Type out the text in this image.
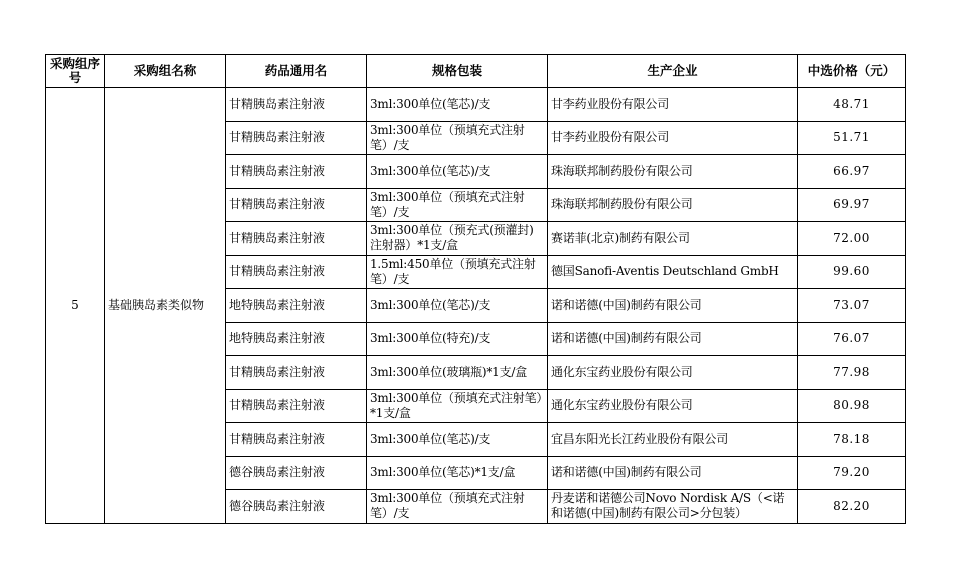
采购组序号	采购组名称	药品通用名	规格包装	生产企业	中选价格（元）
5	基础胰岛素类似物	甘精胰岛素注射液	3ml:300单位(笔芯)/支	甘李药业股份有限公司	48.71
		甘精胰岛素注射液	3ml:300单位（预填充式注射笔）/支	甘李药业股份有限公司	51.71
		甘精胰岛素注射液	3ml:300单位(笔芯)/支	珠海联邦制药股份有限公司	66.97
		甘精胰岛素注射液	3ml:300单位（预填充式注射笔）/支	珠海联邦制药股份有限公司	69.97
		甘精胰岛素注射液	3ml:300单位（预充式(预灌封)注射器）*1支/盒	赛诺菲(北京)制药有限公司	72.00
		甘精胰岛素注射液	1.5ml:450单位（预填充式注射笔）/支	德国Sanofi-Aventis Deutschland GmbH	99.60
		地特胰岛素注射液	3ml:300单位(笔芯)/支	诺和诺德(中国)制药有限公司	73.07
		地特胰岛素注射液	3ml:300单位(特充)/支	诺和诺德(中国)制药有限公司	76.07
		甘精胰岛素注射液	3ml:300单位(玻璃瓶)*1支/盒	通化东宝药业股份有限公司	77.98
		甘精胰岛素注射液	3ml:300单位（预填充式注射笔）*1支/盒	通化东宝药业股份有限公司	80.98
		甘精胰岛素注射液	3ml:300单位(笔芯)/支	宜昌东阳光长江药业股份有限公司	78.18
		德谷胰岛素注射液	3ml:300单位(笔芯)*1支/盒	诺和诺德(中国)制药有限公司	79.20
		德谷胰岛素注射液	3ml:300单位（预填充式注射笔）/支	丹麦诺和诺德公司Novo Nordisk A/S（<诺和诺德(中国)制药有限公司>分包装）	82.20
